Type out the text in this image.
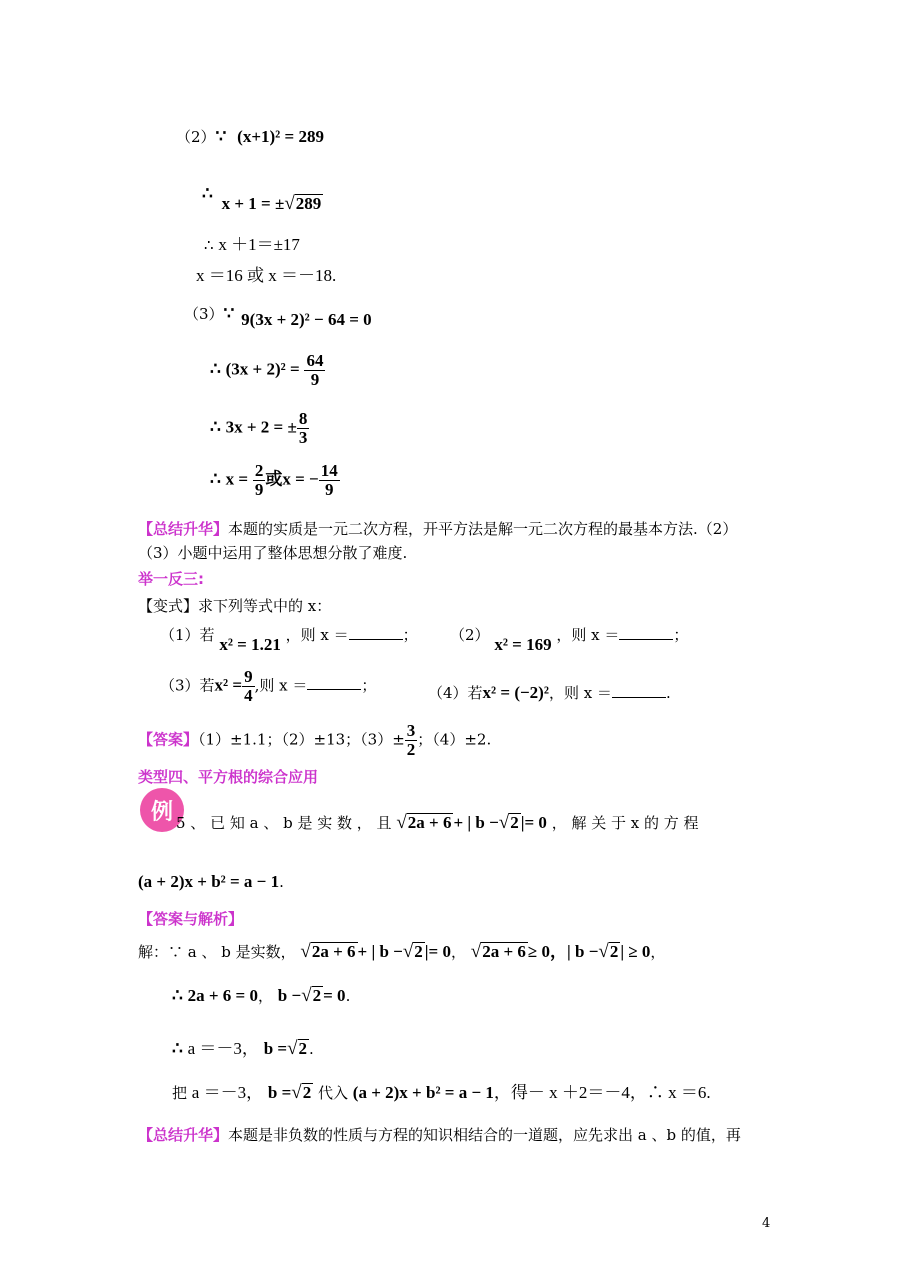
（2）∵ (x+1)² = 289
∴ x + 1 = ±√289
∴ x ＋1＝±17
x ＝16 或 x ＝－18.
（3）∵ 9(3x + 2)² − 64 = 0
∴ $(3x + 2)^2 = \frac{64}{9}$
∴ 3x + 2 = ± $\frac{8}{3}$
∴ $x = \frac{2}{9}$ 或x = − $\frac{14}{9}$
【总结升华】本题的实质是一元二次方程，开平方法是解一元二次方程的最基本方法.（2）
（3）小题中运用了整体思想分散了难度.
举一反三:
【变式】求下列等式中的 x：
（1）若 x² = 1.21 ，则 x ＝	； （2） x² = 169 ，则 x ＝	；
（3）若$x^2 = \frac{9}{4}$ ,则 x ＝	；	（4）若x² = (−2)²，则 x ＝	.
【答案】（1）±1.1；（2）±13；$(3)\pm \frac{3}{2}$ ；（4）±2.
类型四、平方根的综合应用
例 5 、 已 知 a 、 b 是 实 数 ， 且 √2a + 6 + | b −√2 |= 0 ， 解 关 于 x 的 方 程
(a + 2)x + b² = a − 1.
【答案与解析】
解：∵ a 、 b 是实数， √2a + 6 + | b −√2 |= 0， √2a + 6 ≥ 0，| b −√2 | ≥ 0，
∴ 2a + 6 = 0， b −√2 = 0.
∴ a ＝－3， b =√2 .
把 a ＝－3， b =√2 代入 (a + 2)x + b² = a − 1，得－ x ＋2＝－4，∴ x ＝6.
【总结升华】本题是非负数的性质与方程的知识相结合的一道题，应先求出 a 、b 的值，再
4
